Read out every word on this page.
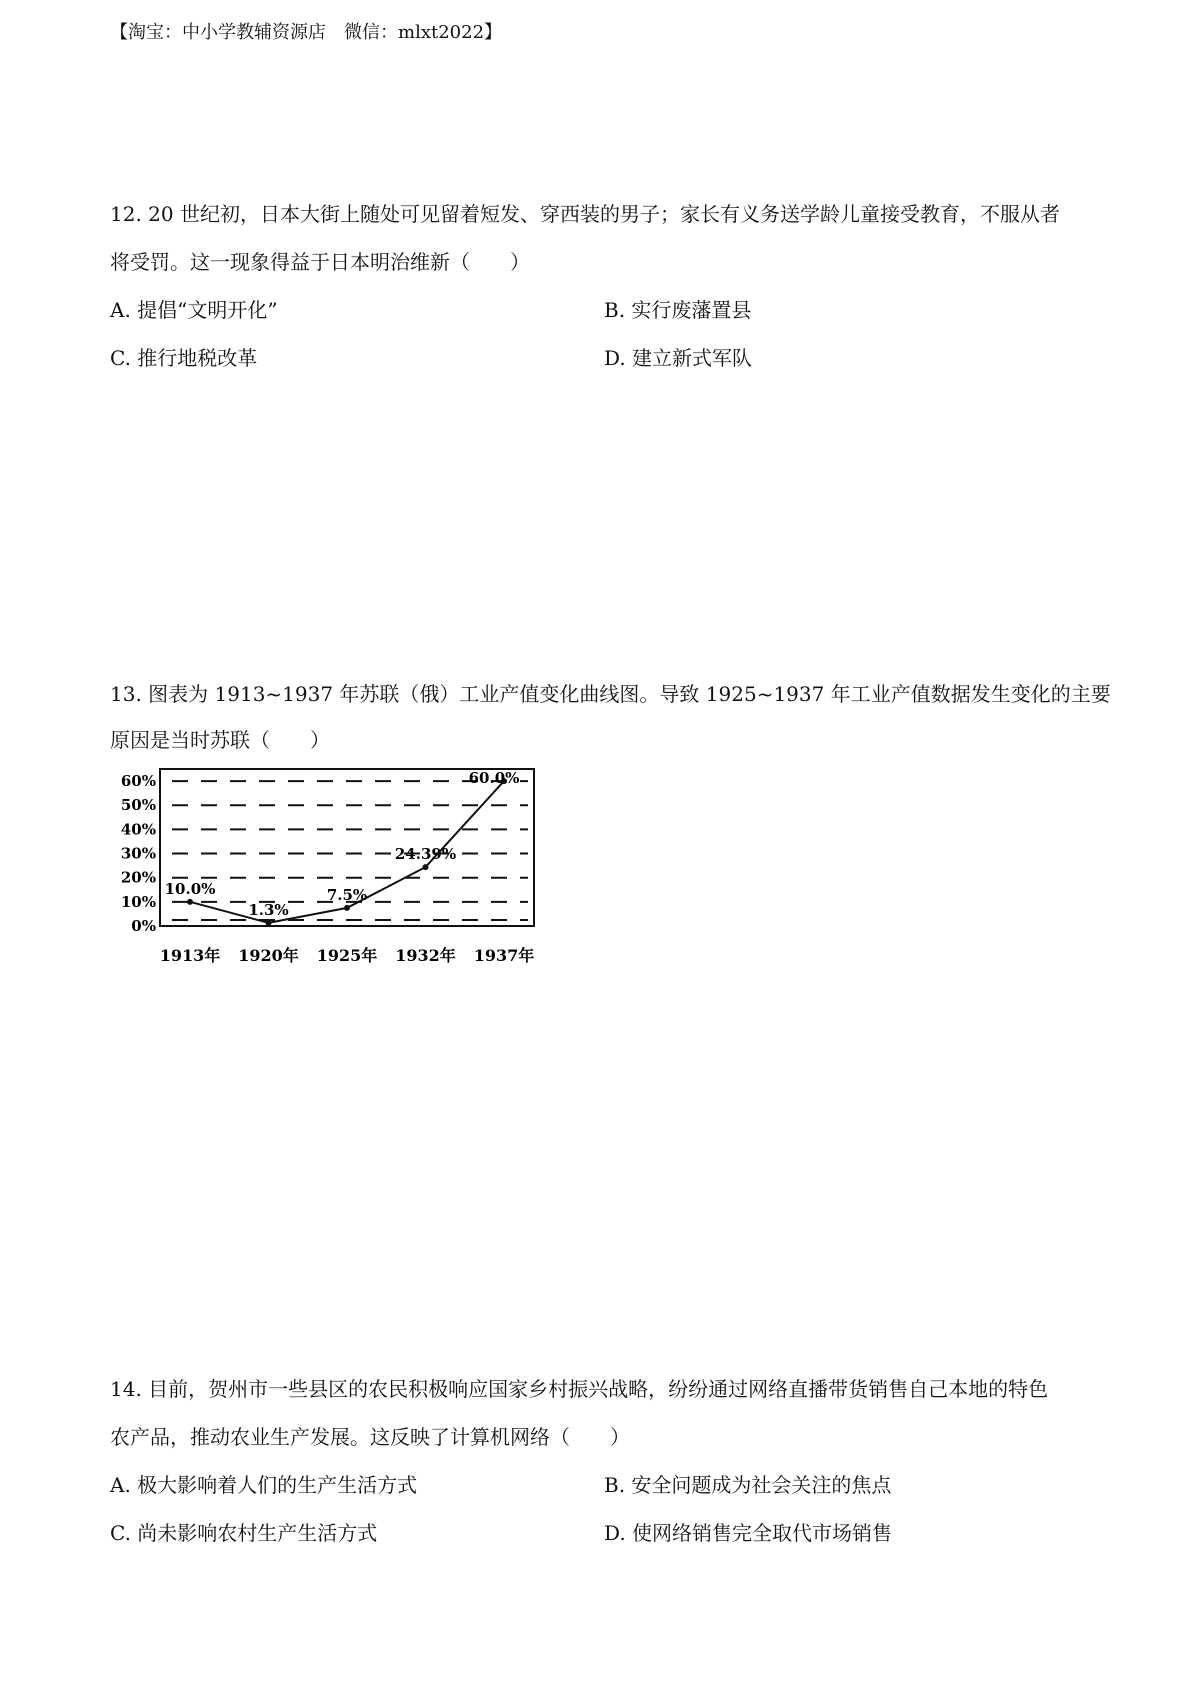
【淘宝：中小学教辅资源店　微信：mlxt2022】
12. 20 世纪初，日本大街上随处可见留着短发、穿西装的男子；家长有义务送学龄儿童接受教育，不服从者
将受罚。这一现象得益于日本明治维新（　　）
A. 提倡“文明开化”	B. 实行废藩置县
C. 推行地税改革	D. 建立新式军队
13. 图表为 1913~1937 年苏联（俄）工业产值变化曲线图。导致 1925~1937 年工业产值数据发生变化的主要
原因是当时苏联（　　）
0%
10%
20%
30%
40%
50%
60%
10.0%
1.3%
7.5%
24.39%
60.0%
1913年 1920年 1925年 1932年 1937年
14. 目前，贺州市一些县区的农民积极响应国家乡村振兴战略，纷纷通过网络直播带货销售自己本地的特色
农产品，推动农业生产发展。这反映了计算机网络（　　）
A. 极大影响着人们的生产生活方式	B. 安全问题成为社会关注的焦点
C. 尚未影响农村生产生活方式	D. 使网络销售完全取代市场销售
